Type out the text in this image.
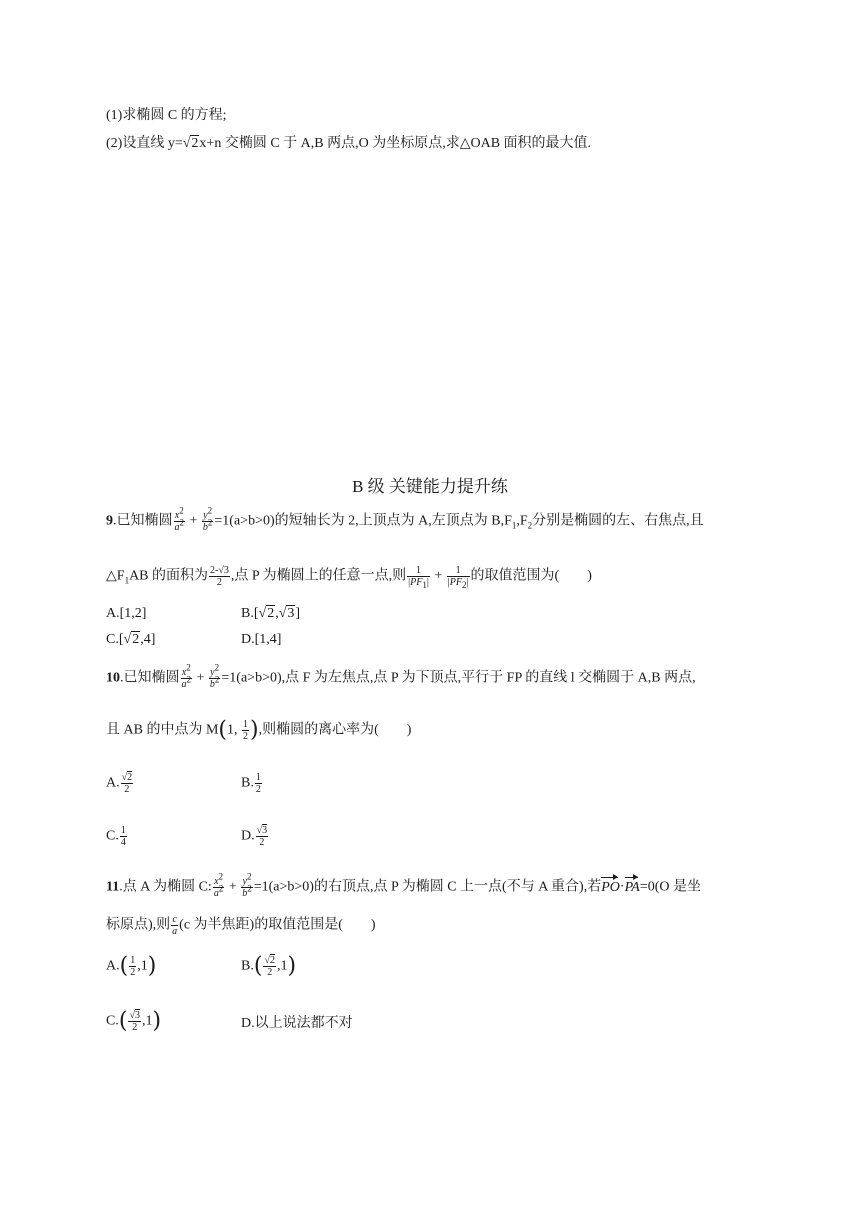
(1)求椭圆 C 的方程;
(2)设直线 y=√2x+n 交椭圆 C 于 A,B 两点,O 为坐标原点,求△OAB 面积的最大值.
B 级 关键能力提升练
9.已知椭圆 $\frac{x^2}{a^2} + \frac{y^2}{b^2} =1(a>b>0)$的短轴长为 2,上顶点为 A,左顶点为 $B,F_1,F_2$分别是椭圆的左、右焦点,且
$\triangle F_1AB$ 的面积为 $\frac{2-√3}{2}$ ,点 P 为椭圆上的任意一点,则 $\frac{1}{|PF_1|} + \frac{1}{|PF_2|}$ 的取值范围为(　　)
A.[1,2]	B.[√2,√3]
C.[√2,4]	D.[1,4]
10.已知椭圆 $\frac{x^2}{a^2} + \frac{y^2}{b^2} =1(a>b>0)$,点 F 为左焦点,点 P 为下顶点,平行于 FP 的直线 l 交椭圆于 A,B 两点,
且 AB 的中点为 M(1, $\frac{1}{2}$ ),则椭圆的离心率为(　　)
A. $\frac{√2}{2}$	B. $\frac{1}{2}$
C. $\frac{1}{4}$	D. $\frac{√3}{2}$
11.点 A 为椭圆 C: $\frac{x^2}{a^2} + \frac{y^2}{b^2} =1(a>b>0)$的右顶点,点 P 为椭圆 C 上一点(不与 A 重合),若PO·PA=0(O 是坐
标原点),则 $\frac{c}{a} (c$ 为半焦距)的取值范围是(　　)
$A.( \frac{1}{2} ,1)$	$B.( \frac{√2}{2} ,1)$
$C.( \frac{√3}{2} ,1)$	D.以上说法都不对
